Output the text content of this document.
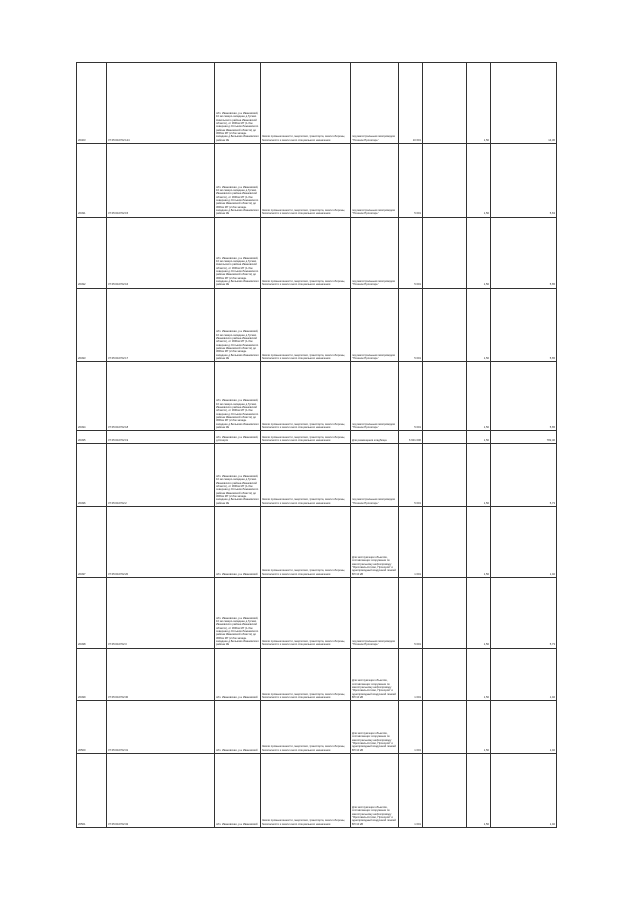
20403	37:05:010702:124	обл. Ивановская, р-н Ивановский, 10 км северо-западнее д.Гусево Никольского района Ивановской области), от 36Ром МГ (1-бок северная д.Олтыков Лежневского района Ивановской области) до 36Ром МГ (2-бок западн. западнее д.Бельково Ивановского района Ив	Земли промышленности, энергетики, транспорта, земли обороны, безопасности и земли иного специального назначения	под магистральным газопроводом "Починок-Пролетарь"	10 601		1,50	14,36
20491	37:05:010702:15	обл. Ивановская, р-н Ивановский, 10 км северо-западнее д.Гусево Ивановского района Ивановской области), от 36Ром МГ (1-бок северная д.Олтыков Лежневского района Ивановской области) до 36Ром МГ (2-бок западн. западнее д.Бельково Ивановского района Ив	Земли промышленности, энергетики, транспорта, земли обороны, безопасности и земли иного специального назначения	под магистральным газопроводом "Починок-Пролетарь"	5 001		1,50	5,63
20492	37:05:010702:16	обл. Ивановская, р-н Ивановский, 10 км северо-западнее д.Гусево Никольского района Ивановской области), от 36Ром МГ (1-бок северная д.Олтыков Лежневского района Ивановской области) до 36Ром МГ (2-бок западн. западнее д.Бельково Ивановского района Ив	Земли промышленности, энергетики, транспорта, земли обороны, безопасности и земли иного специального назначения	под магистральным газопроводом "Починок-Пролетарь"	5 001		1,50	5,65
20493	37:05:010702:17	обл. Ивановская, р-н Ивановский, 10 км северо-западнее д.Гусево Ивановского района Ивановской области), от 36Ром МГ (1-бок северная д.Олтыков Лежневского района Ивановской области) до 36Ром МГ (2-бок западн. западнее д.Бельково Ивановского района Ив	Земли промышленности, энергетики, транспорта, земли обороны, безопасности и земли иного специального назначения	под магистральным газопроводом "Починок-Пролетарь"	5 001		1,50	5,65
20494	37:05:010702:18	обл. Ивановская, р-н Ивановский, 10 км северо-западнее д.Гусево Ивановского района Ивановской области), от 36Ром МГ (1-бок северная д.Олтыков Лежневского района Ивановской области) до 36Ром МГ (2-бок западн. западнее д.Бельково Ивановского района Ив	Земли промышленности, энергетики, транспорта, земли обороны, безопасности и земли иного специального назначения	под магистральным газопроводом "Починок-Пролетарь"	5 001		1,50	5,65
20495	37:05:010702:19	обл. Ивановская, р-н Ивановский, д.Кочерги	Земли промышленности, энергетики, транспорта, земли обороны, безопасности и земли иного специального назначения	Для размещения кладбища	6 601 000		1,50	782,46
20496	37:05:010702:2	обл. Ивановская, р-н Ивановский, 10 км северо-западнее д.Гусево Ивановского района Ивановской области), от 36Ром МГ (1-бок северная д.Олтыков Лежневского района Ивановской области) до 36Ром МГ (2-бок западн. западнее д.Бельково Ивановского района Ив	Земли промышленности, энергетики, транспорта, земли обороны, безопасности и земли иного специального назначения	под магистральным газопроводом "Починок-Пролетарь"	5 001		1,50	5,73
20497	37:05:010702:20	обл. Ивановская, р-н Ивановский	Земли промышленности, энергетики, транспорта, земли обороны, безопасности и земли иного специального назначения	Для эксплуатации объектов, составляющих сооружение по магистральному нефтепроводу "Ярославль-Кстово, Прохоров" и однопроводный воздушной линией ВЛ 10 кВ	1 001		1,50	1,02
20498	37:05:010702:3	обл. Ивановская, р-н Ивановский, 10 км северо-западнее д.Гусево Ивановского района Ивановской области), от 36Ром МГ (1-бок северная д.Олтыков Лежневского района Ивановской области) до 36Ром МГ (2-бок западн. западнее д.Бельково Ивановского района Ив	Земли промышленности, энергетики, транспорта, земли обороны, безопасности и земли иного специального назначения	под магистральным газопроводом "Починок-Пролетарь"	5 001		1,50	5,73
20499	37:05:010702:30	обл. Ивановская, р-н Ивановский	Земли промышленности, энергетики, транспорта, земли обороны, безопасности и земли иного специального назначения	Для эксплуатации объектов, составляющих сооружение по магистральному нефтепроводу "Ярославль-Кстово, Прохоров" и однопроводный воздушной линией ВЛ 10 кВ	1 001		1,50	1,02
20500	37:05:010702:31	обл. Ивановская, р-н Ивановский	Земли промышленности, энергетики, транспорта, земли обороны, безопасности и земли иного специального назначения	Для эксплуатации объектов, составляющих сооружение по магистральному нефтепроводу "Ярославль-Кстово, Прохоров" и однопроводный воздушной линией ВЛ 10 кВ	1 001		1,50	1,02
20501	37:05:010702:32	обл. Ивановская, р-н Ивановский	Земли промышленности, энергетики, транспорта, земли обороны, безопасности и земли иного специального назначения	Для эксплуатации объектов, составляющих сооружение по магистральному нефтепроводу "Ярославль-Кстово, Прохоров" и однопроводный воздушной линией ВЛ 10 кВ	1 001		1,50	1,02
